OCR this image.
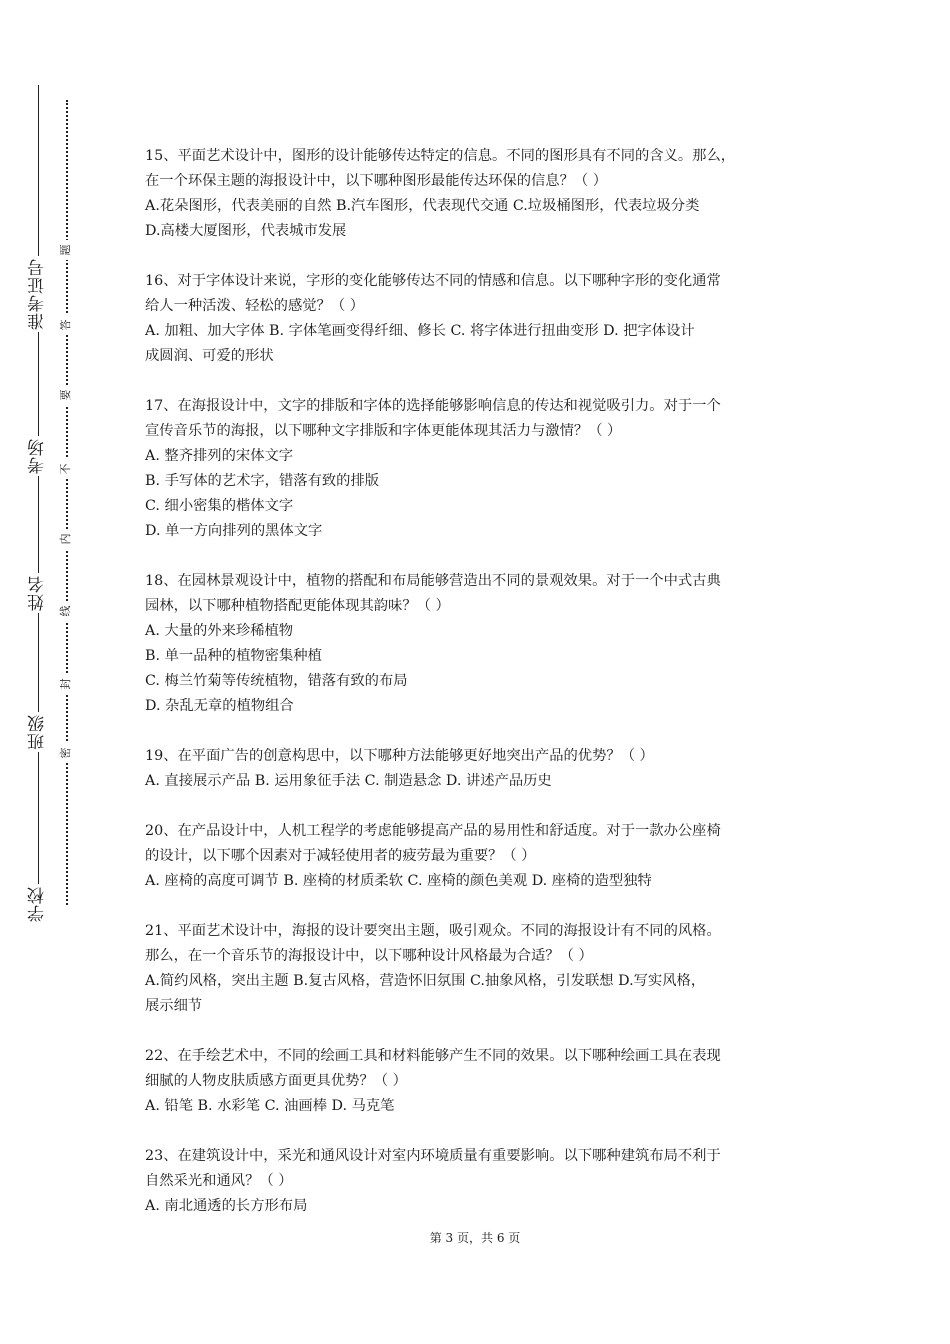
准考证号
考场
姓名
班级
学校
题
答
要
不
内
线
封
密

15、平面艺术设计中，图形的设计能够传达特定的信息。不同的图形具有不同的含义。那么，

在一个环保主题的海报设计中，以下哪种图形最能传达环保的信息？（ ）

A.花朵图形，代表美丽的自然 B.汽车图形，代表现代交通 C.垃圾桶图形，代表垃圾分类

D.高楼大厦图形，代表城市发展

16、对于字体设计来说，字形的变化能够传达不同的情感和信息。以下哪种字形的变化通常

给人一种活泼、轻松的感觉？（ ）

A. 加粗、加大字体 B. 字体笔画变得纤细、修长 C. 将字体进行扭曲变形 D. 把字体设计

成圆润、可爱的形状

17、在海报设计中，文字的排版和字体的选择能够影响信息的传达和视觉吸引力。对于一个

宣传音乐节的海报，以下哪种文字排版和字体更能体现其活力与激情？（ ）

A. 整齐排列的宋体文字

B. 手写体的艺术字，错落有致的排版

C. 细小密集的楷体文字

D. 单一方向排列的黑体文字

18、在园林景观设计中，植物的搭配和布局能够营造出不同的景观效果。对于一个中式古典

园林，以下哪种植物搭配更能体现其韵味？（ ）

A. 大量的外来珍稀植物

B. 单一品种的植物密集种植

C. 梅兰竹菊等传统植物，错落有致的布局

D. 杂乱无章的植物组合

19、在平面广告的创意构思中，以下哪种方法能够更好地突出产品的优势？（ ）

A. 直接展示产品 B. 运用象征手法 C. 制造悬念 D. 讲述产品历史

20、在产品设计中，人机工程学的考虑能够提高产品的易用性和舒适度。对于一款办公座椅

的设计，以下哪个因素对于减轻使用者的疲劳最为重要？（ ）

A. 座椅的高度可调节 B. 座椅的材质柔软 C. 座椅的颜色美观 D. 座椅的造型独特

21、平面艺术设计中，海报的设计要突出主题，吸引观众。不同的海报设计有不同的风格。

那么，在一个音乐节的海报设计中，以下哪种设计风格最为合适？（ ）

A.简约风格，突出主题 B.复古风格，营造怀旧氛围 C.抽象风格，引发联想 D.写实风格，

展示细节

22、在手绘艺术中，不同的绘画工具和材料能够产生不同的效果。以下哪种绘画工具在表现

细腻的人物皮肤质感方面更具优势？（ ）

A. 铅笔 B. 水彩笔 C. 油画棒 D. 马克笔

23、在建筑设计中，采光和通风设计对室内环境质量有重要影响。以下哪种建筑布局不利于

自然采光和通风？（ ）

A. 南北通透的长方形布局

第 3 页，共 6 页
